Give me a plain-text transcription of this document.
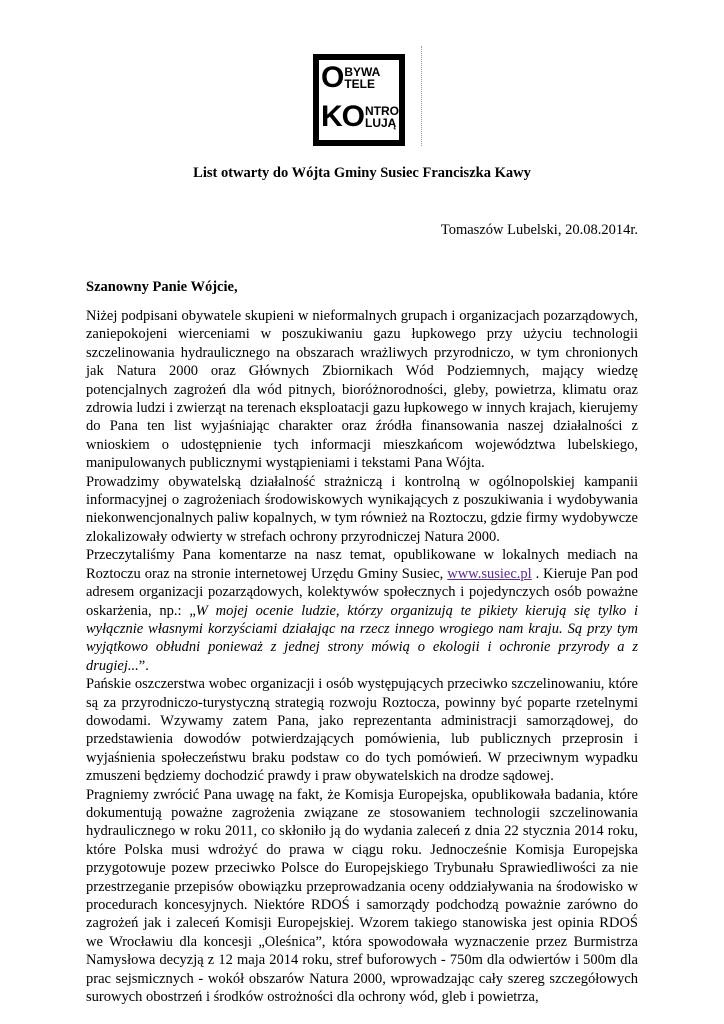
O BYWA
TELE
KO NTRO
LUJĄ
List otwarty do Wójta Gminy Susiec Franciszka Kawy
Tomaszów Lubelski, 20.08.2014r.
Szanowny Panie Wójcie,

Niżej podpisani obywatele skupieni w nieformalnych grupach i organizacjach pozarządowych, zaniepokojeni wierceniami w poszukiwaniu gazu łupkowego przy użyciu technologii szczelinowania hydraulicznego na obszarach wrażliwych przyrodniczo, w tym chronionych jak Natura 2000 oraz Głównych Zbiornikach Wód Podziemnych, mający wiedzę potencjalnych zagrożeń dla wód pitnych, bioróżnorodności, gleby, powietrza, klimatu oraz zdrowia ludzi i zwierząt na terenach eksploatacji gazu łupkowego w innych krajach, kierujemy do Pana ten list wyjaśniając charakter oraz źródła finansowania naszej działalności z wnioskiem o udostępnienie tych informacji mieszkańcom województwa lubelskiego, manipulowanych publicznymi wystąpieniami i tekstami Pana Wójta.

Prowadzimy obywatelską działalność strażniczą i kontrolną w ogólnopolskiej kampanii informacyjnej o zagrożeniach środowiskowych wynikających z poszukiwania i wydobywania niekonwencjonalnych paliw kopalnych, w tym również na Roztoczu, gdzie firmy wydobywcze zlokalizowały odwierty w strefach ochrony przyrodniczej Natura 2000.

Przeczytaliśmy Pana komentarze na nasz temat, opublikowane w lokalnych mediach na Roztoczu oraz na stronie internetowej Urzędu Gminy Susiec, www.susiec.pl . Kieruje Pan pod adresem organizacji pozarządowych, kolektywów społecznych i pojedynczych osób poważne oskarżenia, np.: „W mojej ocenie ludzie, którzy organizują te pikiety kierują się tylko i wyłącznie własnymi korzyściami działając na rzecz innego wrogiego nam kraju. Są przy tym wyjątkowo obłudni ponieważ z jednej strony mówią o ekologii i ochronie przyrody a z drugiej...”.

Pańskie oszczerstwa wobec organizacji i osób występujących przeciwko szczelinowaniu, które są za przyrodniczo-turystyczną strategią rozwoju Roztocza, powinny być poparte rzetelnymi dowodami. Wzywamy zatem Pana, jako reprezentanta administracji samorządowej, do przedstawienia dowodów potwierdzających pomówienia, lub publicznych przeprosin i wyjaśnienia społeczeństwu braku podstaw co do tych pomówień. W przeciwnym wypadku zmuszeni będziemy dochodzić prawdy i praw obywatelskich na drodze sądowej.

Pragniemy zwrócić Pana uwagę na fakt, że Komisja Europejska, opublikowała badania, które dokumentują poważne zagrożenia związane ze stosowaniem technologii szczelinowania hydraulicznego w roku 2011, co skłoniło ją do wydania zaleceń z dnia 22 stycznia 2014 roku, które Polska musi wdrożyć do prawa w ciągu roku. Jednocześnie Komisja Europejska przygotowuje pozew przeciwko Polsce do Europejskiego Trybunału Sprawiedliwości za nie przestrzeganie przepisów obowiązku przeprowadzania oceny oddziaływania na środowisko w procedurach koncesyjnych. Niektóre RDOŚ i samorządy podchodzą poważnie zarówno do zagrożeń jak i zaleceń Komisji Europejskiej. Wzorem takiego stanowiska jest opinia RDOŚ we Wrocławiu dla koncesji „Oleśnica”, która spowodowała wyznaczenie przez Burmistrza Namysłowa decyzją z 12 maja 2014 roku, stref buforowych - 750m dla odwiertów i 500m dla prac sejsmicznych - wokół obszarów Natura 2000, wprowadzając cały szereg szczegółowych surowych obostrzeń i środków ostrożności dla ochrony wód, gleb i powietrza,
